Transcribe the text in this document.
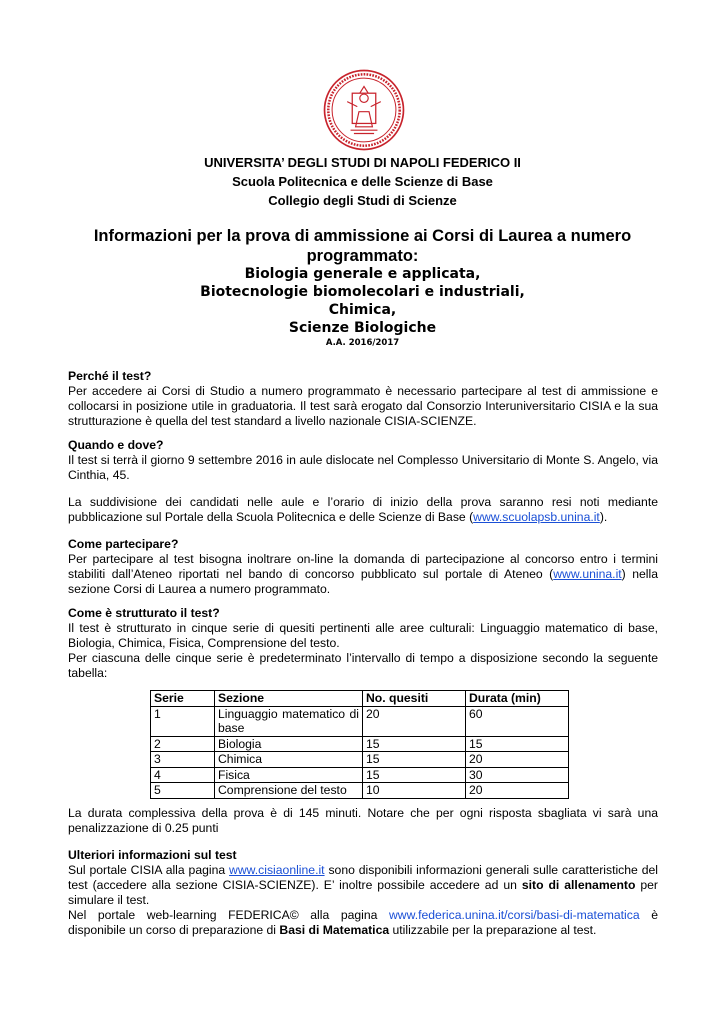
UNIVERSITA’ DEGLI STUDI DI NAPOLI FEDERICO II
Scuola Politecnica e delle Scienze di Base
Collegio degli Studi di Scienze
Informazioni per la prova di ammissione ai Corsi di Laurea a numero
programmato:
Biologia generale e applicata,
Biotecnologie biomolecolari e industriali,
Chimica,
Scienze Biologiche
A.A. 2016/2017
Perché il test?
Per accedere ai Corsi di Studio a numero programmato è necessario partecipare al test di ammissione e collocarsi in posizione utile in graduatoria. Il test sarà erogato dal Consorzio Interuniversitario CISIA e la sua strutturazione è quella del test standard a livello nazionale CISIA-SCIENZE.
Quando e dove?
Il test si terrà il giorno 9 settembre 2016 in aule dislocate nel Complesso Universitario di Monte S. Angelo, via Cinthia, 45.
La suddivisione dei candidati nelle aule e l’orario di inizio della prova saranno resi noti mediante pubblicazione sul Portale della Scuola Politecnica e delle Scienze di Base (www.scuolapsb.unina.it).
Come partecipare?
Per partecipare al test bisogna inoltrare on-line la domanda di partecipazione al concorso entro i termini stabiliti dall’Ateneo riportati nel bando di concorso pubblicato sul portale di Ateneo (www.unina.it) nella sezione Corsi di Laurea a numero programmato.
Come è strutturato il test?
Il test è strutturato in cinque serie di quesiti pertinenti alle aree culturali: Linguaggio matematico di base, Biologia, Chimica, Fisica, Comprensione del testo.
Per ciascuna delle cinque serie è predeterminato l’intervallo di tempo a disposizione secondo la seguente tabella:
Serie	Sezione	No. quesiti	Durata (min)
1	Linguaggio matematico di base	20	60
2	Biologia	15	15
3	Chimica	15	20
4	Fisica	15	30
5	Comprensione del testo	10	20
La durata complessiva della prova è di 145 minuti. Notare che per ogni risposta sbagliata vi sarà una penalizzazione di 0.25 punti
Ulteriori informazioni sul test
Sul portale CISIA alla pagina www.cisiaonline.it sono disponibili informazioni generali sulle caratteristiche del test (accedere alla sezione CISIA-SCIENZE). E’ inoltre possibile accedere ad un sito di allenamento per simulare il test.
Nel portale web-learning FEDERICA© alla pagina www.federica.unina.it/corsi/basi-di-matematica è disponibile un corso di preparazione di Basi di Matematica utilizzabile per la preparazione al test.
